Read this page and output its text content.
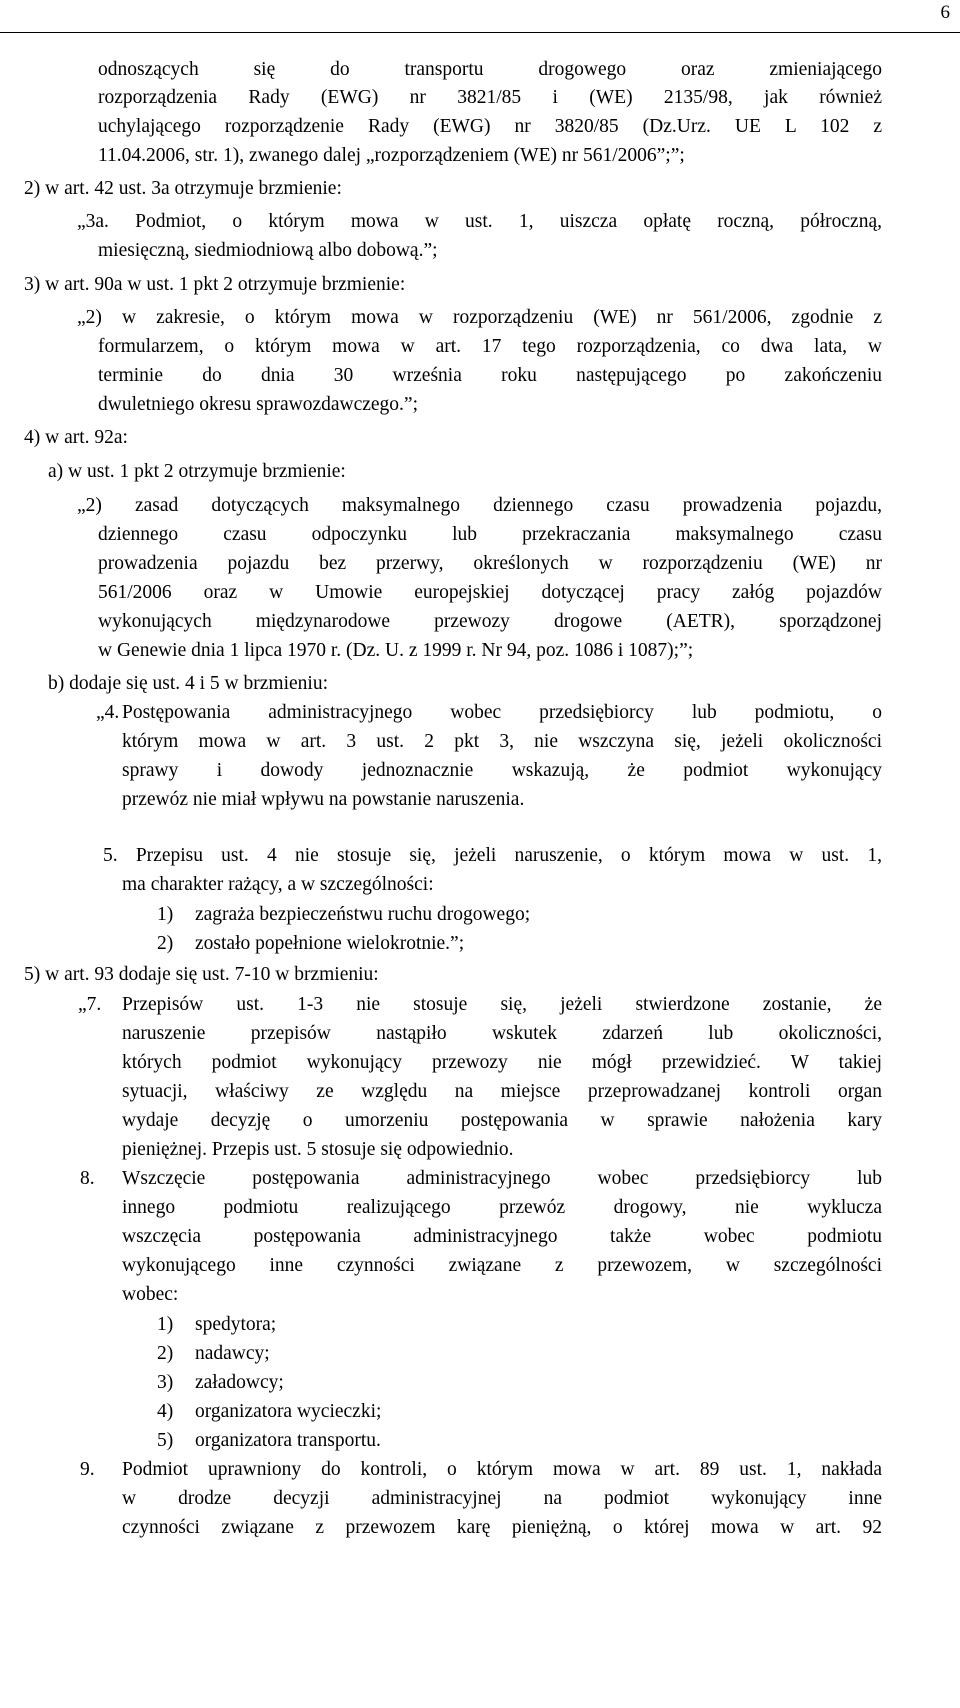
6
odnoszących się do transportu drogowego oraz zmieniającego
rozporządzenia Rady (EWG) nr 3821/85 i (WE) 2135/98, jak również
uchylającego rozporządzenie Rady (EWG) nr 3820/85 (Dz.Urz. UE L 102 z
11.04.2006, str. 1), zwanego dalej „rozporządzeniem (WE) nr 561/2006”;”;
2) w art. 42 ust. 3a otrzymuje brzmienie:
„3a. Podmiot, o którym mowa w ust. 1, uiszcza opłatę roczną, półroczną,
miesięczną, siedmiodniową albo dobową.”;
3) w art. 90a w ust. 1 pkt 2 otrzymuje brzmienie:
„2) w zakresie, o którym mowa w rozporządzeniu (WE) nr 561/2006, zgodnie z
formularzem, o którym mowa w art. 17 tego rozporządzenia, co dwa lata, w
terminie do dnia 30 września roku następującego po zakończeniu
dwuletniego okresu sprawozdawczego.”;
4) w art. 92a:
a) w ust. 1 pkt 2 otrzymuje brzmienie:
„2) zasad dotyczących maksymalnego dziennego czasu prowadzenia pojazdu,
dziennego czasu odpoczynku lub przekraczania maksymalnego czasu
prowadzenia pojazdu bez przerwy, określonych w rozporządzeniu (WE) nr
561/2006 oraz w Umowie europejskiej dotyczącej pracy załóg pojazdów
wykonujących międzynarodowe przewozy drogowe (AETR), sporządzonej
w Genewie dnia 1 lipca 1970 r. (Dz. U. z 1999 r. Nr 94, poz. 1086 i 1087);”;
b) dodaje się ust. 4 i 5 w brzmieniu:
„4. Postępowania administracyjnego wobec przedsiębiorcy lub podmiotu, o
którym mowa w art. 3 ust. 2 pkt 3, nie wszczyna się, jeżeli okoliczności
sprawy i dowody jednoznacznie wskazują, że podmiot wykonujący
przewóz nie miał wpływu na powstanie naruszenia.
5. Przepisu ust. 4 nie stosuje się, jeżeli naruszenie, o którym mowa w ust. 1,
ma charakter rażący, a w szczególności:
1) zagraża bezpieczeństwu ruchu drogowego;
2) zostało popełnione wielokrotnie.”;
5) w art. 93 dodaje się ust. 7-10 w brzmieniu:
„7. Przepisów ust. 1-3 nie stosuje się, jeżeli stwierdzone zostanie, że
naruszenie przepisów nastąpiło wskutek zdarzeń lub okoliczności,
których podmiot wykonujący przewozy nie mógł przewidzieć. W takiej
sytuacji, właściwy ze względu na miejsce przeprowadzanej kontroli organ
wydaje decyzję o umorzeniu postępowania w sprawie nałożenia kary
pieniężnej. Przepis ust. 5 stosuje się odpowiednio.
8. Wszczęcie postępowania administracyjnego wobec przedsiębiorcy lub
innego podmiotu realizującego przewóz drogowy, nie wyklucza
wszczęcia postępowania administracyjnego także wobec podmiotu
wykonującego inne czynności związane z przewozem, w szczególności
wobec:
1) spedytora;
2) nadawcy;
3) załadowcy;
4) organizatora wycieczki;
5) organizatora transportu.
9. Podmiot uprawniony do kontroli, o którym mowa w art. 89 ust. 1, nakłada
w drodze decyzji administracyjnej na podmiot wykonujący inne
czynności związane z przewozem karę pieniężną, o której mowa w art. 92
